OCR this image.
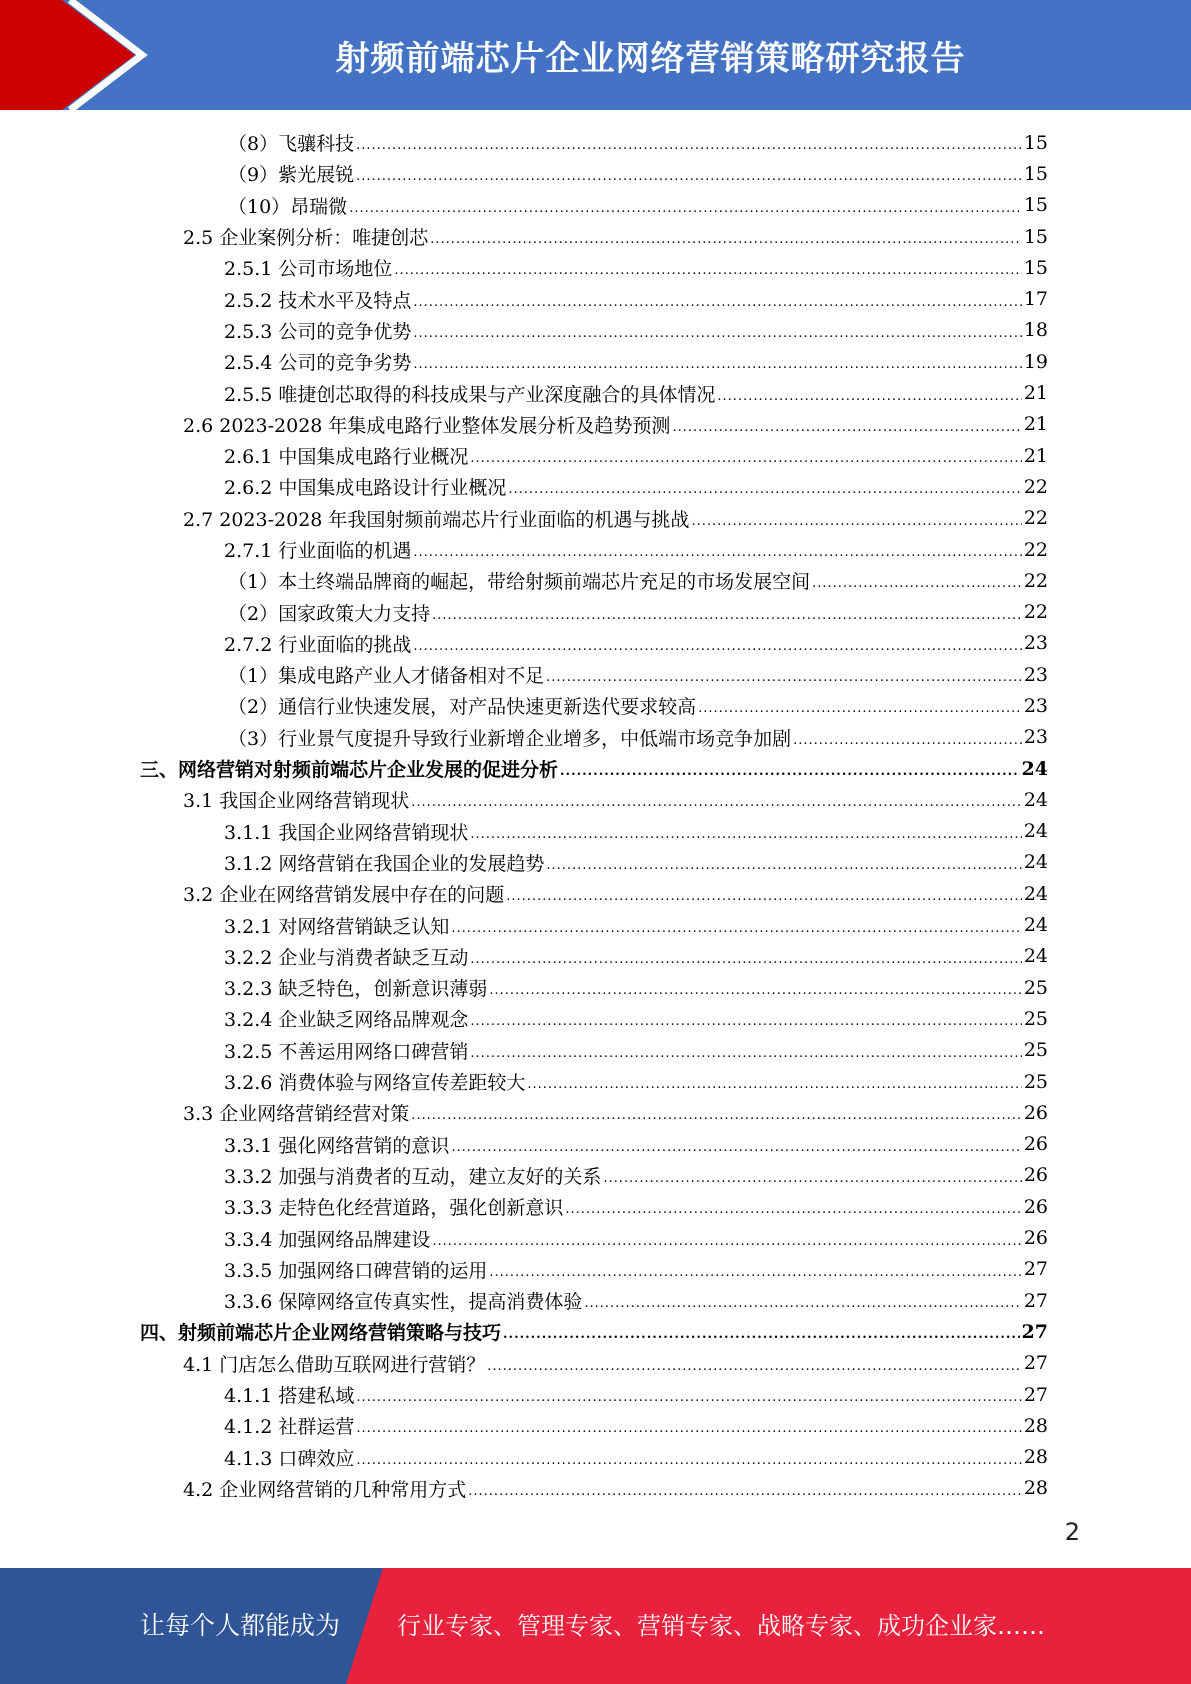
射频前端芯片企业网络营销策略研究报告
（8）飞骧科技 .....	15
（9）紫光展锐 .....	15
（10）昂瑞微 .....	15
2.5 企业案例分析：唯捷创芯 .....	15
2.5.1 公司市场地位 .....	15
2.5.2 技术水平及特点 .....	17
2.5.3 公司的竞争优势 .....	18
2.5.4 公司的竞争劣势 .....	19
2.5.5 唯捷创芯取得的科技成果与产业深度融合的具体情况 .....	21
2.6 2023-2028 年集成电路行业整体发展分析及趋势预测 .....	21
2.6.1 中国集成电路行业概况 .....	21
2.6.2 中国集成电路设计行业概况 .....	22
2.7 2023-2028 年我国射频前端芯片行业面临的机遇与挑战 .....	22
2.7.1 行业面临的机遇 .....	22
（1）本土终端品牌商的崛起，带给射频前端芯片充足的市场发展空间 .....	22
（2）国家政策大力支持 .....	22
2.7.2 行业面临的挑战 .....	23
（1）集成电路产业人才储备相对不足 .....	23
（2）通信行业快速发展，对产品快速更新迭代要求较高 .....	23
（3）行业景气度提升导致行业新增企业增多，中低端市场竞争加剧 .....	23
三、网络营销对射频前端芯片企业发展的促进分析 .....	24
3.1 我国企业网络营销现状 .....	24
3.1.1 我国企业网络营销现状 .....	24
3.1.2 网络营销在我国企业的发展趋势 .....	24
3.2 企业在网络营销发展中存在的问题 .....	24
3.2.1 对网络营销缺乏认知 .....	24
3.2.2 企业与消费者缺乏互动 .....	24
3.2.3 缺乏特色，创新意识薄弱 .....	25
3.2.4 企业缺乏网络品牌观念 .....	25
3.2.5 不善运用网络口碑营销 .....	25
3.2.6 消费体验与网络宣传差距较大 .....	25
3.3 企业网络营销经营对策 .....	26
3.3.1 强化网络营销的意识 .....	26
3.3.2 加强与消费者的互动，建立友好的关系 .....	26
3.3.3 走特色化经营道路，强化创新意识 .....	26
3.3.4 加强网络品牌建设 .....	26
3.3.5 加强网络口碑营销的运用 .....	27
3.3.6 保障网络宣传真实性，提高消费体验 .....	27
四、射频前端芯片企业网络营销策略与技巧 .....	27
4.1 门店怎么借助互联网进行营销？ .....	27
4.1.1 搭建私域 .....	27
4.1.2 社群运营 .....	28
4.1.3 口碑效应 .....	28
4.2 企业网络营销的几种常用方式 .....	28
2
让每个人都能成为 行业专家、管理专家、营销专家、战略专家、成功企业家……
